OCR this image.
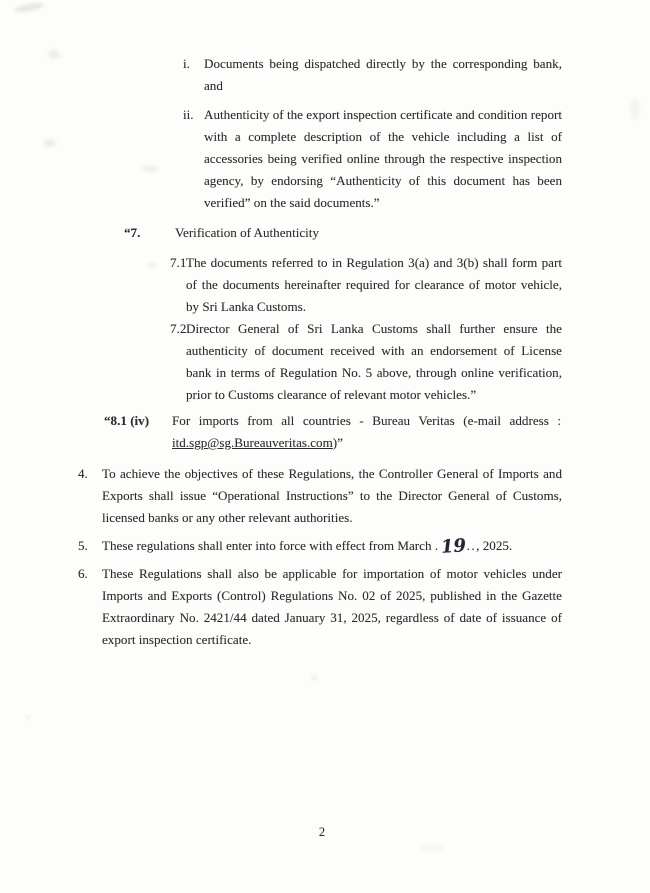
i.	Documents being dispatched directly by the corresponding bank, and
ii. Authenticity of the export inspection certificate and condition report with a complete description of the vehicle including a list of accessories being verified online through the respective inspection agency, by endorsing “Authenticity of this document has been verified” on the said documents.”
“7.	Verification of Authenticity
7.1 The documents referred to in Regulation 3(a) and 3(b) shall form part of the documents hereinafter required for clearance of motor vehicle, by Sri Lanka Customs.
7.2 Director General of Sri Lanka Customs shall further ensure the authenticity of document received with an endorsement of License bank in terms of Regulation No. 5 above, through online verification, prior to Customs clearance of relevant motor vehicles.”
“8.1 (iv)	For imports from all countries - Bureau Veritas (e-mail address : itd.sgp@sg.Bureauveritas.com)”
4.	To achieve the objectives of these Regulations, the Controller General of Imports and Exports shall issue “Operational Instructions” to the Director General of Customs, licensed banks or any other relevant authorities.
5.	These regulations shall enter into force with effect from March .19.., 2025.
6.	These Regulations shall also be applicable for importation of motor vehicles under Imports and Exports (Control) Regulations No. 02 of 2025, published in the Gazette Extraordinary No. 2421/44 dated January 31, 2025, regardless of date of issuance of export inspection certificate.
2
